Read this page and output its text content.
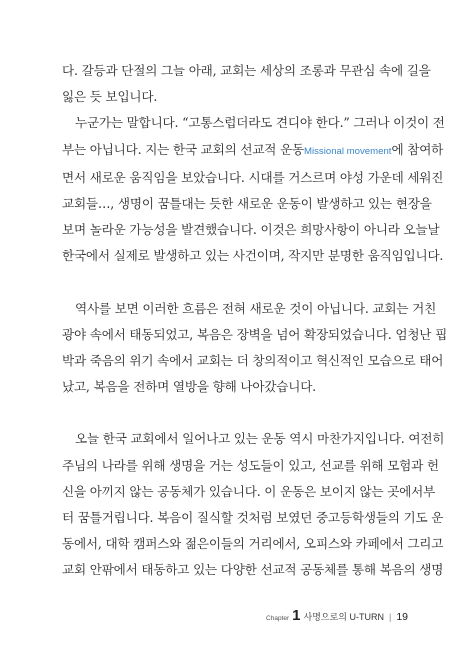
다. 갈등과 단절의 그늘 아래, 교회는 세상의 조롱과 무관심 속에 길을
잃은 듯 보입니다.

누군가는 말합니다. “고통스럽더라도 견디야 한다.” 그러나 이것이 전
부는 아닙니다. 지는 한국 교회의 선교적 운동Missional movement에 참여하
면서 새로운 움직임을 보았습니다. 시대를 거스르며 야성 가운데 세워진
교회들…, 생명이 꿈틀대는 듯한 새로운 운동이 발생하고 있는 현장을
보며 놀라운 가능성을 발견했습니다. 이것은 희망사항이 아니라 오늘날
한국에서 실제로 발생하고 있는 사건이며, 작지만 분명한 움직임입니다.

역사를 보면 이러한 흐름은 전혀 새로운 것이 아닙니다. 교회는 거친
광야 속에서 태동되었고, 복음은 장벽을 넘어 확장되었습니다. 엄청난 핍
박과 죽음의 위기 속에서 교회는 더 창의적이고 혁신적인 모습으로 태어
났고, 복음을 전하며 열방을 향해 나아갔습니다.

오늘 한국 교회에서 일어나고 있는 운동 역시 마찬가지입니다. 여전히
주님의 나라를 위해 생명을 거는 성도들이 있고, 선교를 위해 모험과 헌
신을 아끼지 않는 공동체가 있습니다. 이 운동은 보이지 않는 곳에서부
터 꿈틀거립니다. 복음이 질식할 것처럼 보였던 중고등학생들의 기도 운
동에서, 대학 캠퍼스와 젊은이들의 거리에서, 오피스와 카페에서 그리고
교회 안팎에서 태동하고 있는 다양한 선교적 공동체를 통해 복음의 생명

Chapter 1 사명으로의 U-TURN | 19
